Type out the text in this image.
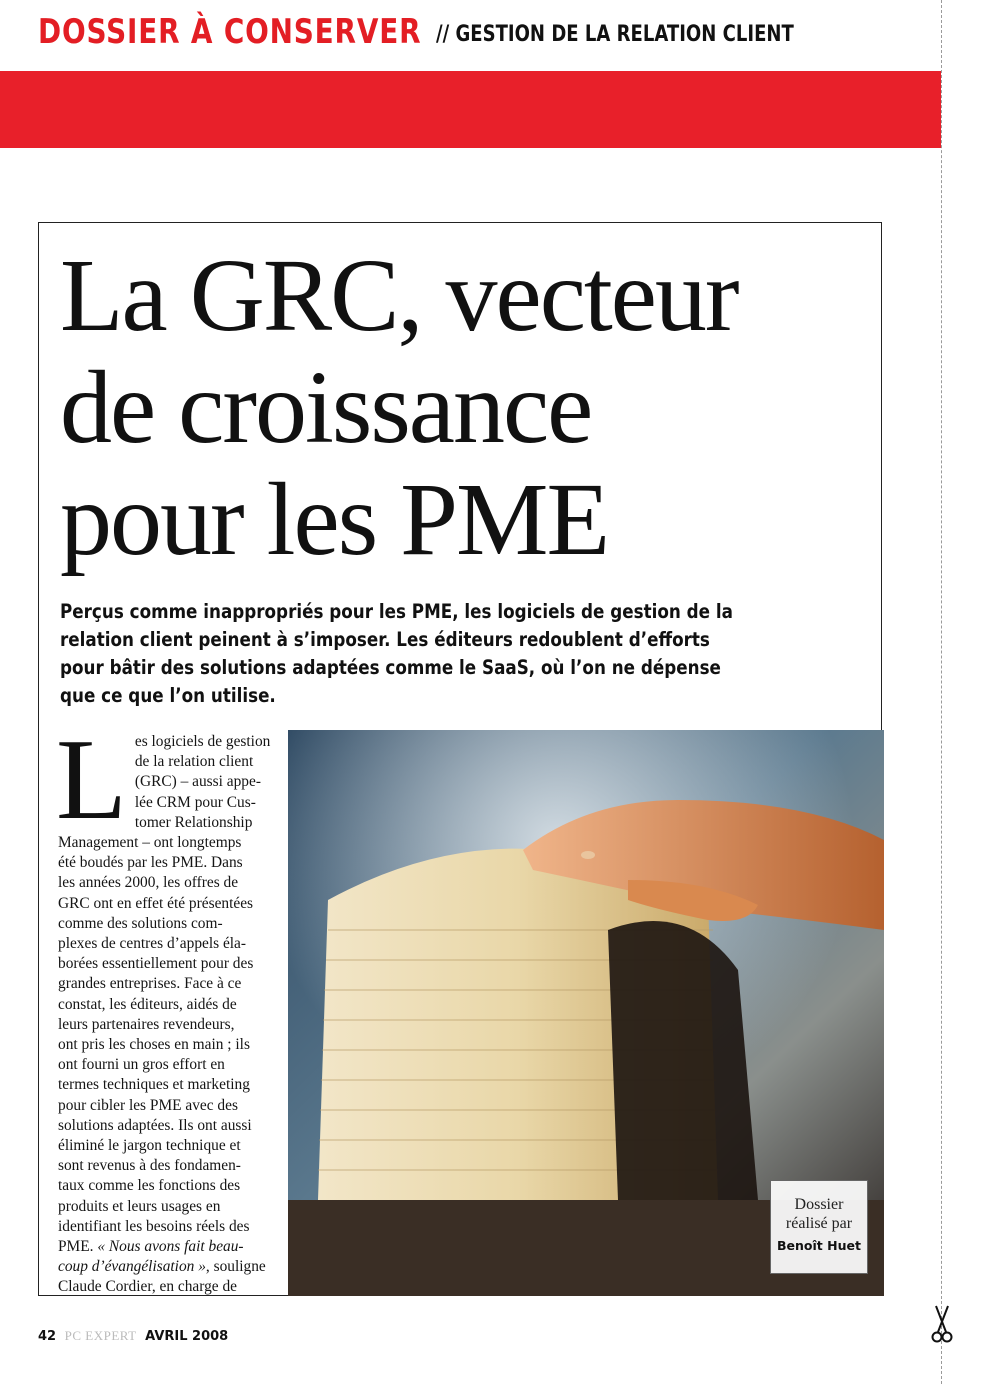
DOSSIER À CONSERVER // GESTION DE LA RELATION CLIENT
La GRC, vecteur
de croissance
pour les PME
Perçus comme inappropriés pour les PME, les logiciels de gestion de la relation client peinent à s’imposer. Les éditeurs redoublent d’efforts pour bâtir des solutions adaptées comme le SaaS, où l’on ne dépense que ce que l’on utilise.
L es logiciels de gestion
de la relation client
(GRC) – aussi appe-
lée CRM pour Cus-
tomer Relationship
Management – ont longtemps
été boudés par les PME. Dans
les années 2000, les offres de
GRC ont en effet été présentées
comme des solutions com-
plexes de centres d’appels éla-
borées essentiellement pour des
grandes entreprises. Face à ce
constat, les éditeurs, aidés de
leurs partenaires revendeurs,
ont pris les choses en main ; ils
ont fourni un gros effort en
termes techniques et marketing
pour cibler les PME avec des
solutions adaptées. Ils ont aussi
éliminé le jargon technique et
sont revenus à des fondamen-
taux comme les fonctions des
produits et leurs usages en
identifiant les besoins réels des
PME. « Nous avons fait beau-
coup d’évangélisation », souligne
Claude Cordier, en charge de
Dossier
réalisé par
Benoît Huet
42 PC EXPERT AVRIL 2008
